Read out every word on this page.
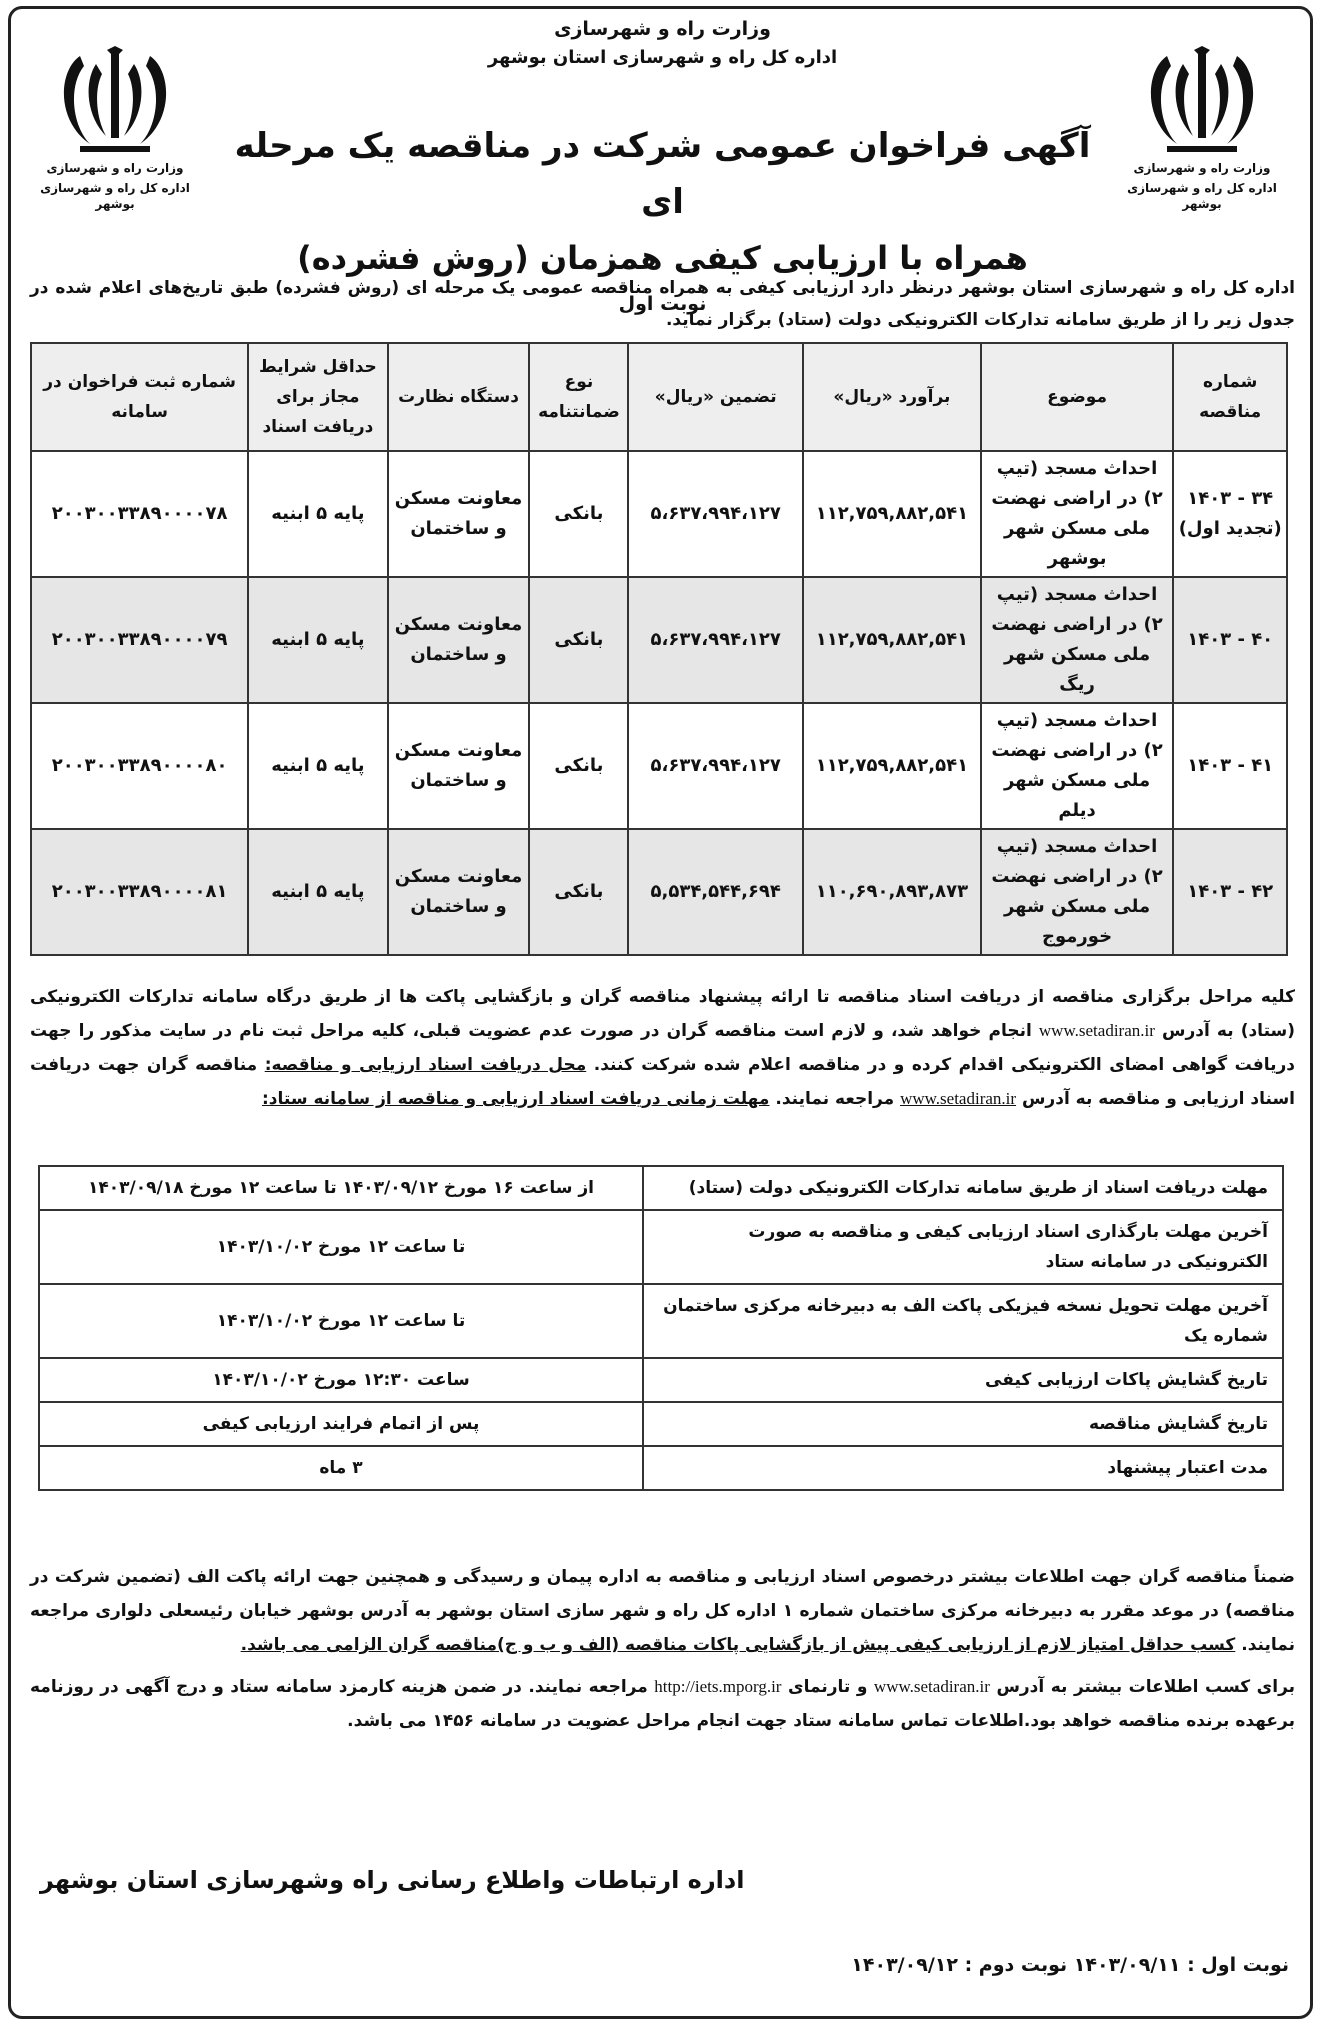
وزارت راه و شهرسازی
اداره کل راه و شهرسازی بوشهر
وزارت راه و شهرسازی
اداره کل راه و شهرسازی بوشهر
وزارت راه و شهرسازی
اداره کل راه و شهرسازی استان بوشهر
آگهی فراخوان عمومی شرکت در مناقصه یک مرحله ای
همراه با ارزیابی کیفی همزمان (روش فشرده)
نوبت اول
اداره کل راه و شهرسازی استان بوشهر درنظر دارد ارزیابی کیفی به همراه مناقصه عمومی یک مرحله ای (روش فشرده) طبق تاریخ‌های اعلام شده در جدول زیر را از طریق سامانه تدارکات الکترونیکی دولت (ستاد) برگزار نماید.
شماره مناقصه	موضوع	برآورد «ریال»	تضمین «ریال»	نوع ضمانتنامه	دستگاه نظارت	حداقل شرایط مجاز برای دریافت اسناد	شماره ثبت فراخوان در سامانه
۳۴ - ۱۴۰۳ (تجدید اول)	احداث مسجد (تیپ ۲) در اراضی نهضت ملی مسکن شهر بوشهر	۱۱۲,۷۵۹,۸۸۲,۵۴۱	۵،۶۳۷،۹۹۴،۱۲۷	بانکی	معاونت مسکن و ساختمان	پایه ۵ ابنیه	۲۰۰۳۰۰۳۳۸۹۰۰۰۰۷۸
۴۰ - ۱۴۰۳	احداث مسجد (تیپ ۲) در اراضی نهضت ملی مسکن شهر ریگ	۱۱۲,۷۵۹,۸۸۲,۵۴۱	۵،۶۳۷،۹۹۴،۱۲۷	بانکی	معاونت مسکن و ساختمان	پایه ۵ ابنیه	۲۰۰۳۰۰۳۳۸۹۰۰۰۰۷۹
۴۱ - ۱۴۰۳	احداث مسجد (تیپ ۲) در اراضی نهضت ملی مسکن شهر دیلم	۱۱۲,۷۵۹,۸۸۲,۵۴۱	۵،۶۳۷،۹۹۴،۱۲۷	بانکی	معاونت مسکن و ساختمان	پایه ۵ ابنیه	۲۰۰۳۰۰۳۳۸۹۰۰۰۰۸۰
۴۲ - ۱۴۰۳	احداث مسجد (تیپ ۲) در اراضی نهضت ملی مسکن شهر خورموج	۱۱۰,۶۹۰,۸۹۳,۸۷۳	۵,۵۳۴,۵۴۴,۶۹۴	بانکی	معاونت مسکن و ساختمان	پایه ۵ ابنیه	۲۰۰۳۰۰۳۳۸۹۰۰۰۰۸۱
کلیه مراحل برگزاری مناقصه از دریافت اسناد مناقصه تا ارائه پیشنهاد مناقصه گران و بازگشایی پاکت ها از طریق درگاه سامانه تدارکات الکترونیکی (ستاد) به آدرس www.setadiran.ir انجام خواهد شد، و لازم است مناقصه گران در صورت عدم عضویت قبلی، کلیه مراحل ثبت نام در سایت مذکور را جهت دریافت گواهی امضای الکترونیکی اقدام کرده و در مناقصه اعلام شده شرکت کنند. محل دریافت اسناد ارزیابی و مناقصه: مناقصه گران جهت دریافت اسناد ارزیابی و مناقصه به آدرس www.setadiran.ir مراجعه نمایند. مهلت زمانی دریافت اسناد ارزیابی و مناقصه از سامانه ستاد:
مهلت دریافت اسناد از طریق سامانه تدارکات الکترونیکی دولت (ستاد)	از ساعت ۱۶ مورخ ۱۴۰۳/۰۹/۱۲ تا ساعت ۱۲ مورخ ۱۴۰۳/۰۹/۱۸
آخرین مهلت بارگذاری اسناد ارزیابی کیفی و مناقصه به صورت الکترونیکی در سامانه ستاد	تا ساعت ۱۲ مورخ ۱۴۰۳/۱۰/۰۲
آخرین مهلت تحویل نسخه فیزیکی پاکت الف به دبیرخانه مرکزی ساختمان شماره یک	تا ساعت ۱۲ مورخ ۱۴۰۳/۱۰/۰۲
تاریخ گشایش پاکات ارزیابی کیفی	ساعت ۱۲:۳۰ مورخ ۱۴۰۳/۱۰/۰۲
تاریخ گشایش مناقصه	پس از اتمام فرایند ارزیابی کیفی
مدت اعتبار پیشنهاد	۳ ماه

ضمناً مناقصه گران جهت اطلاعات بیشتر درخصوص اسناد ارزیابی و مناقصه به اداره پیمان و رسیدگی و همچنین جهت ارائه پاکت الف (تضمین شرکت در مناقصه) در موعد مقرر به دبیرخانه مرکزی ساختمان شماره ۱ اداره کل راه و شهر سازی استان بوشهر به آدرس بوشهر خیابان رئیسعلی دلواری مراجعه نمایند. کسب حداقل امتیاز لازم از ارزیابی کیفی پیش از بازگشایی پاکات مناقصه (الف و ب و ج)مناقصه گران الزامی می باشد.

برای کسب اطلاعات بیشتر به آدرس www.setadiran.ir و تارنمای http://iets.mporg.ir مراجعه نمایند. در ضمن هزینه کارمزد سامانه ستاد و درج آگهی در روزنامه برعهده برنده مناقصه خواهد بود.اطلاعات تماس سامانه ستاد جهت انجام مراحل عضویت در سامانه ۱۴۵۶ می باشد.

اداره ارتباطات واطلاع رسانی راه وشهرسازی استان بوشهر
نوبت اول : ۱۴۰۳/۰۹/۱۱ نوبت دوم : ۱۴۰۳/۰۹/۱۲
